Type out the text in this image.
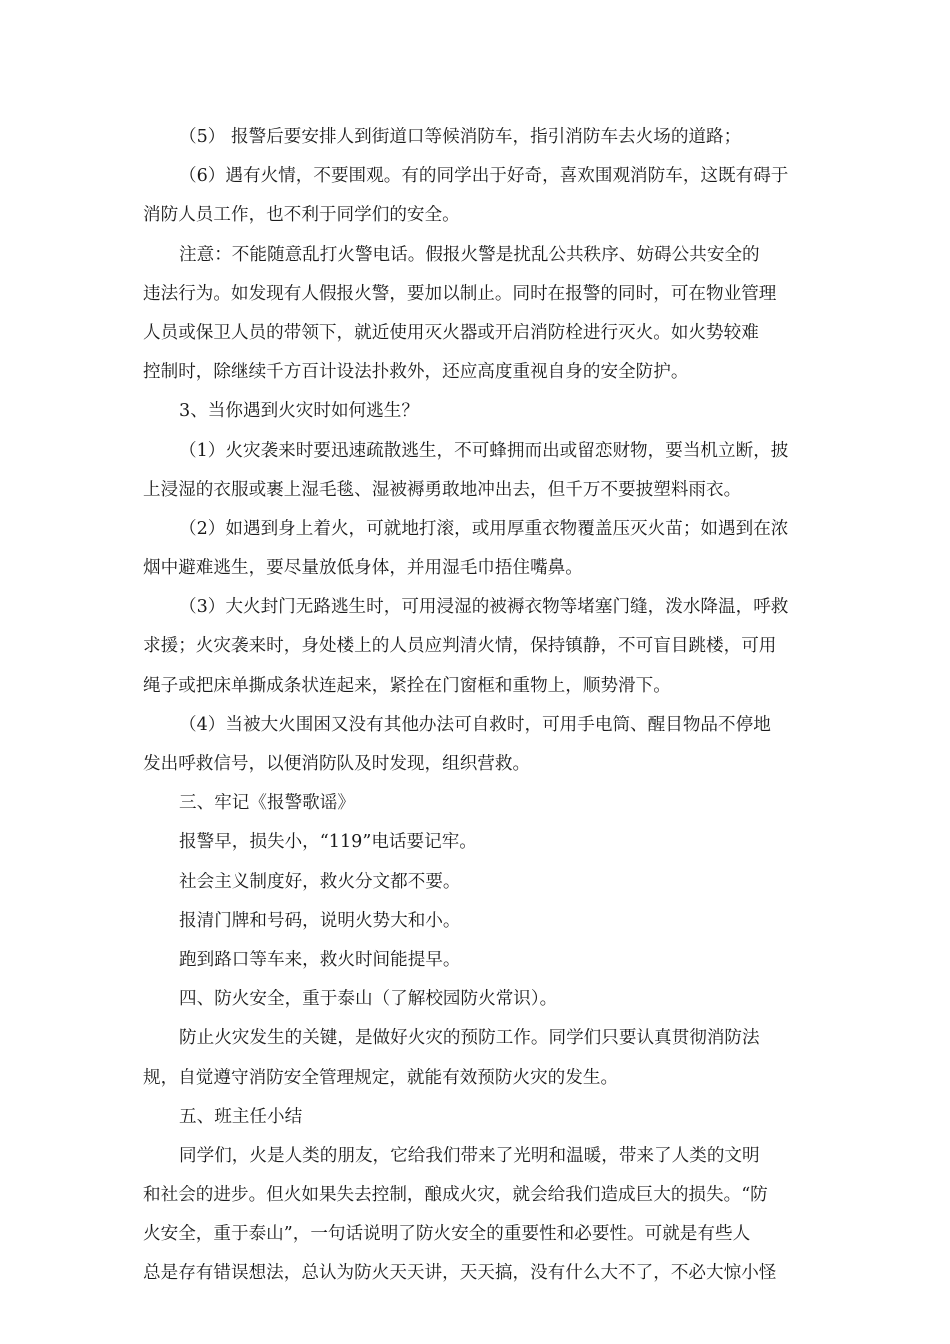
（5） 报警后要安排人到街道口等候消防车，指引消防车去火场的道路；
（6）遇有火情，不要围观。有的同学出于好奇，喜欢围观消防车，这既有碍于
消防人员工作，也不利于同学们的安全。
注意：不能随意乱打火警电话。假报火警是扰乱公共秩序、妨碍公共安全的
违法行为。如发现有人假报火警，要加以制止。同时在报警的同时，可在物业管理
人员或保卫人员的带领下，就近使用灭火器或开启消防栓进行灭火。如火势较难
控制时，除继续千方百计设法扑救外，还应高度重视自身的安全防护。
3、当你遇到火灾时如何逃生？
（1）火灾袭来时要迅速疏散逃生，不可蜂拥而出或留恋财物，要当机立断，披
上浸湿的衣服或裹上湿毛毯、湿被褥勇敢地冲出去，但千万不要披塑料雨衣。
（2）如遇到身上着火，可就地打滚，或用厚重衣物覆盖压灭火苗；如遇到在浓
烟中避难逃生，要尽量放低身体，并用湿毛巾捂住嘴鼻。
（3）大火封门无路逃生时，可用浸湿的被褥衣物等堵塞门缝，泼水降温，呼救
求援；火灾袭来时，身处楼上的人员应判清火情，保持镇静，不可盲目跳楼，可用
绳子或把床单撕成条状连起来，紧拴在门窗框和重物上，顺势滑下。
（4）当被大火围困又没有其他办法可自救时，可用手电筒、醒目物品不停地
发出呼救信号，以便消防队及时发现，组织营救。
三、牢记《报警歌谣》
报警早，损失小，“119”电话要记牢。
社会主义制度好，救火分文都不要。
报清门牌和号码，说明火势大和小。
跑到路口等车来，救火时间能提早。
四、防火安全，重于泰山（了解校园防火常识）。
防止火灾发生的关键，是做好火灾的预防工作。同学们只要认真贯彻消防法
规，自觉遵守消防安全管理规定，就能有效预防火灾的发生。
五、班主任小结
同学们，火是人类的朋友，它给我们带来了光明和温暖，带来了人类的文明
和社会的进步。但火如果失去控制，酿成火灾，就会给我们造成巨大的损失。“防
火安全，重于泰山”，一句话说明了防火安全的重要性和必要性。可就是有些人
总是存有错误想法，总认为防火天天讲，天天搞，没有什么大不了，不必大惊小怪
